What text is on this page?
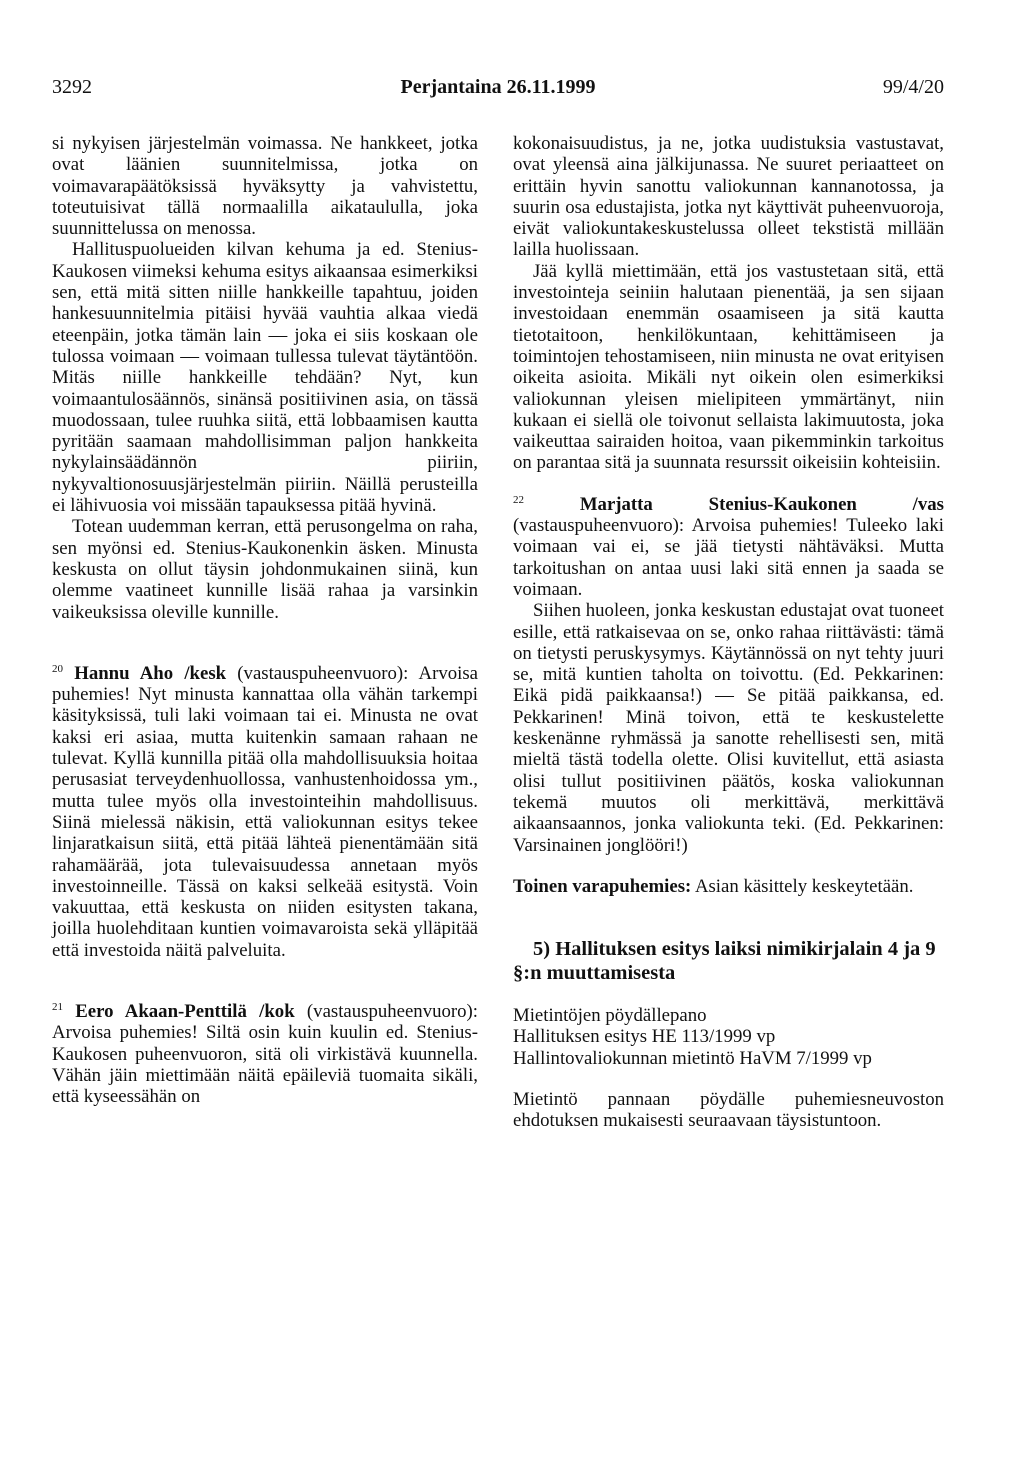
3292	Perjantaina 26.11.1999	99/4/20

si nykyisen järjestelmän voimassa. Ne hankkeet, jotka ovat läänien suunnitelmissa, jotka on voimavarapäätöksissä hyväksytty ja vahvistettu, toteutuisivat tällä normaalilla aikataululla, joka suunnittelussa on menossa.

Hallituspuolueiden kilvan kehuma ja ed. Stenius-Kaukosen viimeksi kehuma esitys aikaansaa esimerkiksi sen, että mitä sitten niille hankkeille tapahtuu, joiden hankesuunnitelmia pitäisi hyvää vauhtia alkaa viedä eteenpäin, jotka tämän lain — joka ei siis koskaan ole tulossa voimaan — voimaan tullessa tulevat täytäntöön. Mitäs niille hankkeille tehdään? Nyt, kun voimaantulosäännös, sinänsä positiivinen asia, on tässä muodossaan, tulee ruuhka siitä, että lobbaamisen kautta pyritään saamaan mahdollisimman paljon hankkeita nykylainsäädännön piiriin, nykyvaltionosuusjärjestelmän piiriin. Näillä perusteilla ei lähivuosia voi missään tapauksessa pitää hyvinä.

Totean uudemman kerran, että perusongelma on raha, sen myönsi ed. Stenius-Kaukonenkin äsken. Minusta keskusta on ollut täysin johdonmukainen siinä, kun olemme vaatineet kunnille lisää rahaa ja varsinkin vaikeuksissa oleville kunnille.

$^{20}$ Hannu Aho /kesk (vastauspuheenvuoro): Arvoisa puhemies! Nyt minusta kannattaa olla vähän tarkempi käsityksissä, tuli laki voimaan tai ei. Minusta ne ovat kaksi eri asiaa, mutta kuitenkin samaan rahaan ne tulevat. Kyllä kunnilla pitää olla mahdollisuuksia hoitaa perusasiat terveydenhuollossa, vanhustenhoidossa ym., mutta tulee myös olla investointeihin mahdollisuus. Siinä mielessä näkisin, että valiokunnan esitys tekee linjaratkaisun siitä, että pitää lähteä pienentämään sitä rahamäärää, jota tulevaisuudessa annetaan myös investoinneille. Tässä on kaksi selkeää esitystä. Voin vakuuttaa, että keskusta on niiden esitysten takana, joilla huolehditaan kuntien voimavaroista sekä ylläpitää että investoida näitä palveluita.

$^{21}$ Eero Akaan-Penttilä /kok (vastauspuheenvuoro): Arvoisa puhemies! Siltä osin kuin kuulin ed. Stenius-Kaukosen puheenvuoron, sitä oli virkistävä kuunnella. Vähän jäin miettimään näitä epäileviä tuomaita sikäli, että kyseessähän on

kokonaisuudistus, ja ne, jotka uudistuksia vastustavat, ovat yleensä aina jälkijunassa. Ne suuret periaatteet on erittäin hyvin sanottu valiokunnan kannanotossa, ja suurin osa edustajista, jotka nyt käyttivät puheenvuoroja, eivät valiokuntakeskustelussa olleet tekstistä millään lailla huolissaan.

Jää kyllä miettimään, että jos vastustetaan sitä, että investointeja seiniin halutaan pienentää, ja sen sijaan investoidaan enemmän osaamiseen ja sitä kautta tietotaitoon, henkilökuntaan, kehittämiseen ja toimintojen tehostamiseen, niin minusta ne ovat erityisen oikeita asioita. Mikäli nyt oikein olen esimerkiksi valiokunnan yleisen mielipiteen ymmärtänyt, niin kukaan ei siellä ole toivonut sellaista lakimuutosta, joka vaikeuttaa sairaiden hoitoa, vaan pikemminkin tarkoitus on parantaa sitä ja suunnata resurssit oikeisiin kohteisiin.

$^{22}$	Marjatta Stenius-Kaukonen /vas (vastauspuheenvuoro): Arvoisa puhemies! Tuleeko laki voimaan vai ei, se jää tietysti nähtäväksi. Mutta tarkoitushan on antaa uusi laki sitä ennen ja saada se voimaan.

Siihen huoleen, jonka keskustan edustajat ovat tuoneet esille, että ratkaisevaa on se, onko rahaa riittävästi: tämä on tietysti peruskysymys. Käytännössä on nyt tehty juuri se, mitä kuntien taholta on toivottu. (Ed. Pekkarinen: Eikä pidä paikkaansa!) — Se pitää paikkansa, ed. Pekkarinen! Minä toivon, että te keskustelette keskenänne ryhmässä ja sanotte rehellisesti sen, mitä mieltä tästä todella olette. Olisi kuvitellut, että asiasta olisi tullut positiivinen päätös, koska valiokunnan tekemä muutos oli merkittävä, merkittävä aikaansaannos, jonka valiokunta teki. (Ed. Pekkarinen: Varsinainen jonglööri!)

Toinen varapuhemies: Asian käsittely keskeytetään.

5) Hallituksen esitys laiksi nimikirjalain 4 ja 9 §:n muuttamisesta

Mietintöjen pöydällepano

Hallituksen esitys HE 113/1999 vp

Hallintovaliokunnan mietintö HaVM 7/1999 vp

Mietintö pannaan pöydälle puhemiesneuvoston ehdotuksen mukaisesti seuraavaan täysistuntoon.
